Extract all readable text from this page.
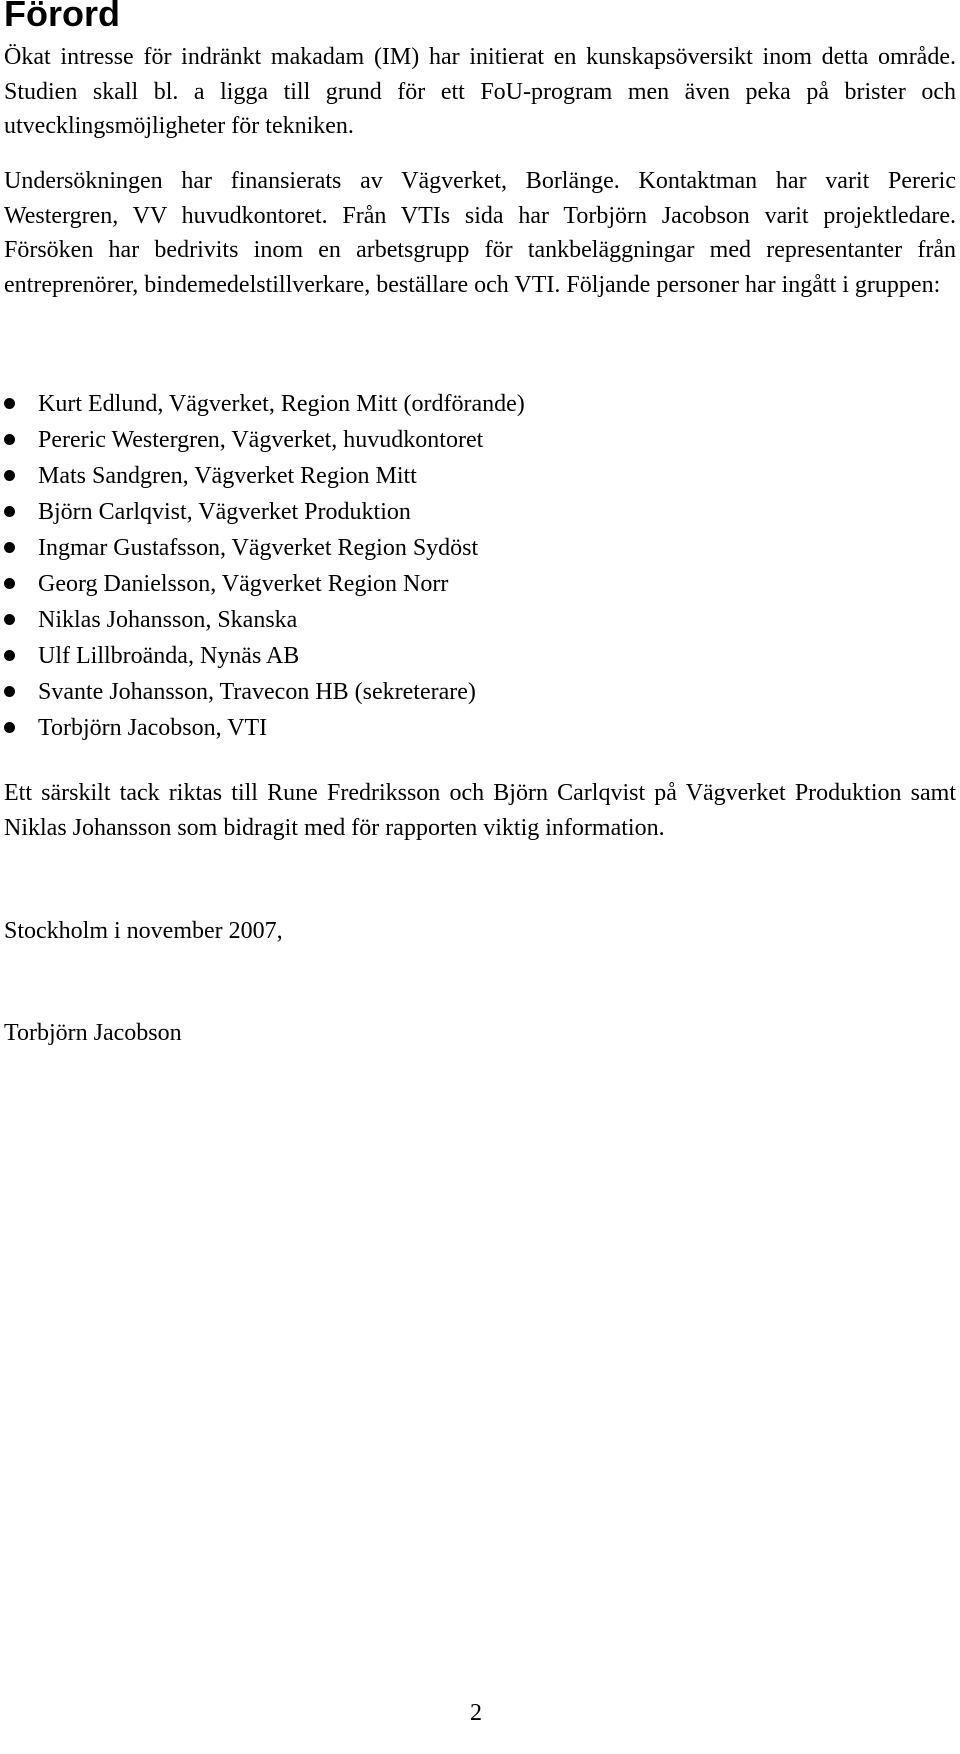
Förord

Ökat intresse för indränkt makadam (IM) har initierat en kunskapsöversikt inom detta område. Studien skall bl. a ligga till grund för ett FoU-program men även peka på brister och utvecklingsmöjligheter för tekniken.

Undersökningen har finansierats av Vägverket, Borlänge. Kontaktman har varit Pereric Westergren, VV huvudkontoret. Från VTIs sida har Torbjörn Jacobson varit projektledare. Försöken har bedrivits inom en arbetsgrupp för tankbeläggningar med representanter från entreprenörer, bindemedelstillverkare, beställare och VTI. Följande personer har ingått i gruppen:

Kurt Edlund, Vägverket, Region Mitt (ordförande)
Pereric Westergren, Vägverket, huvudkontoret
Mats Sandgren, Vägverket Region Mitt
Björn Carlqvist, Vägverket Produktion
Ingmar Gustafsson, Vägverket Region Sydöst
Georg Danielsson, Vägverket Region Norr
Niklas Johansson, Skanska
Ulf Lillbroända, Nynäs AB
Svante Johansson, Travecon HB (sekreterare)
Torbjörn Jacobson, VTI

Ett särskilt tack riktas till Rune Fredriksson och Björn Carlqvist på Vägverket Produktion samt Niklas Johansson som bidragit med för rapporten viktig information.

Stockholm i november 2007,

Torbjörn Jacobson

2
